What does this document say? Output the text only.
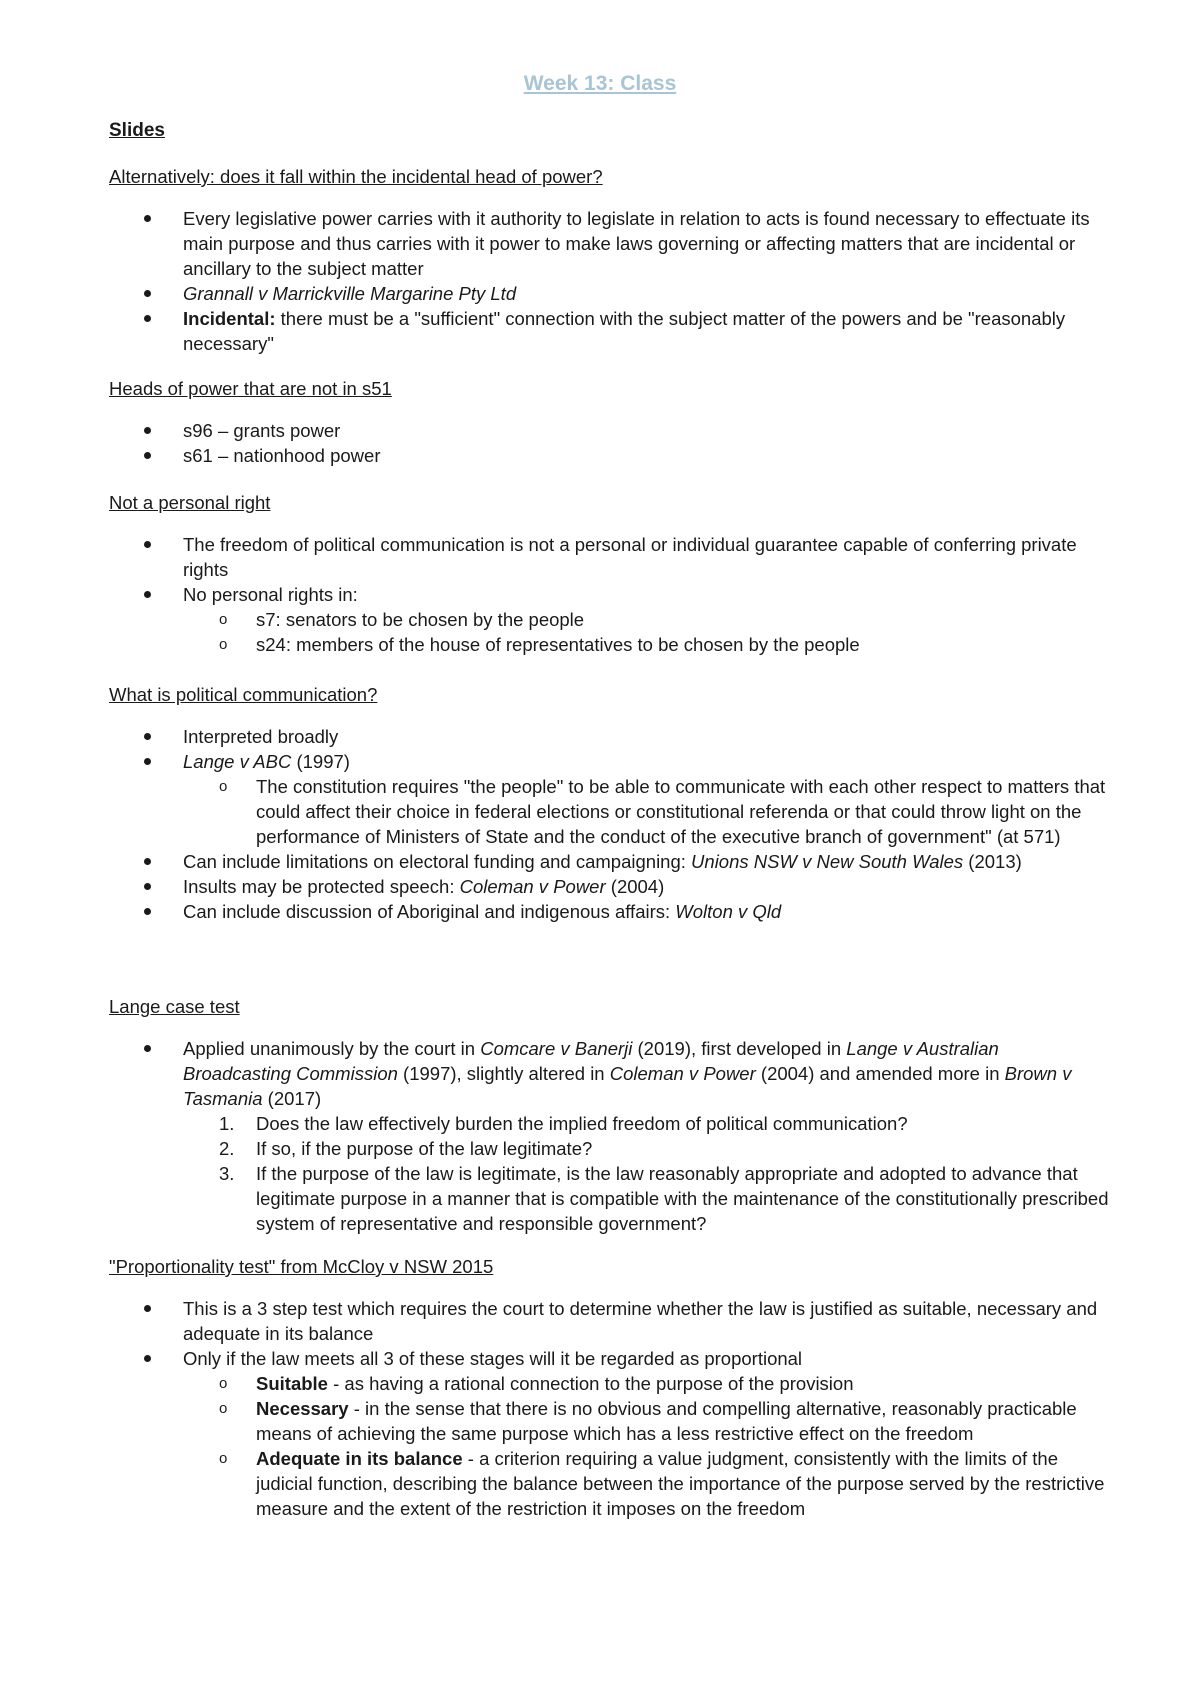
Week 13: Class
Slides

Alternatively: does it fall within the incidental head of power?

Every legislative power carries with it authority to legislate in relation to acts is found necessary to effectuate its main purpose and thus carries with it power to make laws governing or affecting matters that are incidental or ancillary to the subject matter
Grannall v Marrickville Margarine Pty Ltd
Incidental: there must be a "sufficient" connection with the subject matter of the powers and be "reasonably necessary"

Heads of power that are not in s51

s96 – grants power
s61 – nationhood power

Not a personal right

The freedom of political communication is not a personal or individual guarantee capable of conferring private rights
No personal rights in:
o s7: senators to be chosen by the people
o s24: members of the house of representatives to be chosen by the people

What is political communication?

Interpreted broadly
Lange v ABC (1997)
o The constitution requires "the people" to be able to communicate with each other respect to matters that could affect their choice in federal elections or constitutional referenda or that could throw light on the performance of Ministers of State and the conduct of the executive branch of government" (at 571)
Can include limitations on electoral funding and campaigning: Unions NSW v New South Wales (2013)
Insults may be protected speech: Coleman v Power (2004)
Can include discussion of Aboriginal and indigenous affairs: Wolton v Qld

Lange case test

Applied unanimously by the court in Comcare v Banerji (2019), first developed in Lange v Australian Broadcasting Commission (1997), slightly altered in Coleman v Power (2004) and amended more in Brown v Tasmania (2017)
1.	Does the law effectively burden the implied freedom of political communication?
2.	If so, if the purpose of the law legitimate?
3.	If the purpose of the law is legitimate, is the law reasonably appropriate and adopted to advance that legitimate purpose in a manner that is compatible with the maintenance of the constitutionally prescribed system of representative and responsible government?

"Proportionality test" from McCloy v NSW 2015

This is a 3 step test which requires the court to determine whether the law is justified as suitable, necessary and adequate in its balance
Only if the law meets all 3 of these stages will it be regarded as proportional
o Suitable - as having a rational connection to the purpose of the provision
o Necessary - in the sense that there is no obvious and compelling alternative, reasonably practicable means of achieving the same purpose which has a less restrictive effect on the freedom
o Adequate in its balance - a criterion requiring a value judgment, consistently with the limits of the judicial function, describing the balance between the importance of the purpose served by the restrictive measure and the extent of the restriction it imposes on the freedom
